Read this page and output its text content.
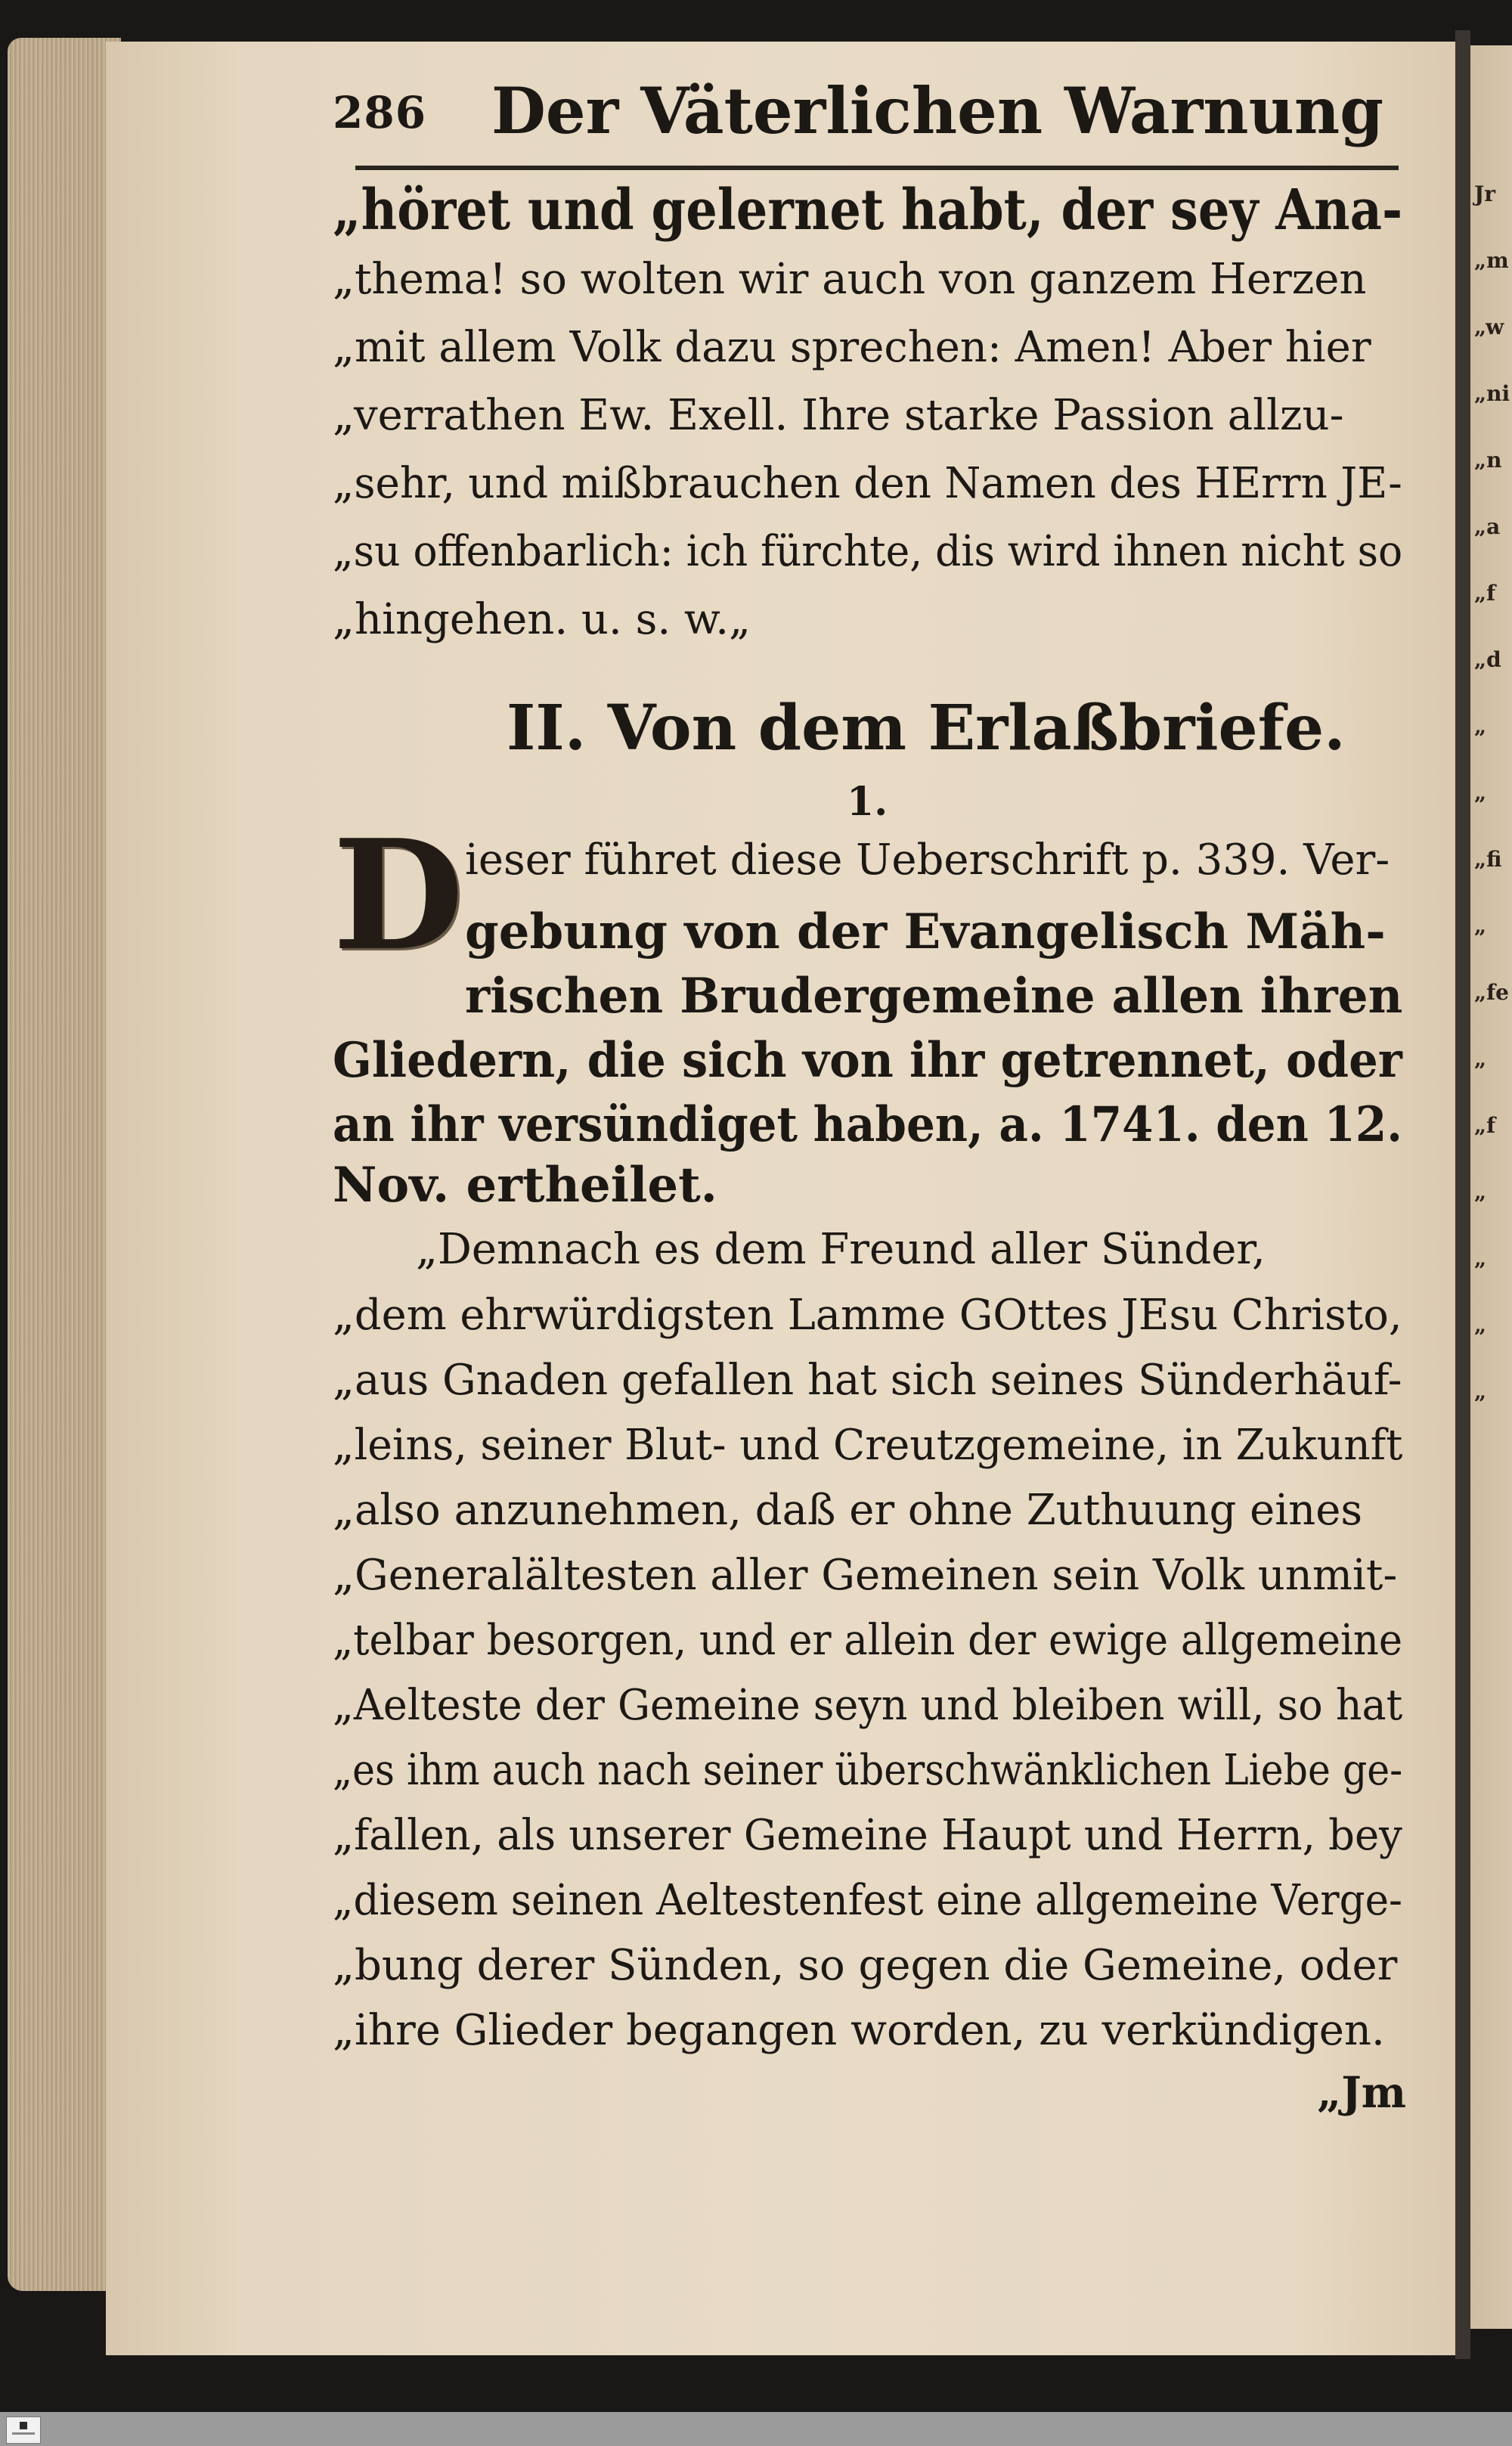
286 Der Väterlichen Warnung
„höret und gelernet habt, der sey Ana-
„thema! so wolten wir auch von ganzem Herzen
„mit allem Volk dazu sprechen: Amen! Aber hier
„verrathen Ew. Exell. Ihre starke Passion allzu-
„sehr, und mißbrauchen den Namen des HErrn JE-
„su offenbarlich: ich fürchte, dis wird ihnen nicht so
„hingehen. u. s. w.„
II. Von dem Erlaßbriefe.
1.
D ieser führet diese Ueberschrift p. 339. Ver-
gebung von der Evangelisch Mäh-
rischen Brudergemeine allen ihren
Gliedern, die sich von ihr getrennet, oder
an ihr versündiget haben, a. 1741. den 12.
Nov. ertheilet.
„Demnach es dem Freund aller Sünder,
„dem ehrwürdigsten Lamme GOttes JEsu Christo,
„aus Gnaden gefallen hat sich seines Sünderhäuf-
„leins, seiner Blut- und Creutzgemeine, in Zukunft
„also anzunehmen, daß er ohne Zuthuung eines
„Generalältesten aller Gemeinen sein Volk unmit-
„telbar besorgen, und er allein der ewige allgemeine
„Aelteste der Gemeine seyn und bleiben will, so hat
„es ihm auch nach seiner überschwänklichen Liebe ge-
„fallen, als unserer Gemeine Haupt und Herrn, bey
„diesem seinen Aeltestenfest eine allgemeine Verge-
„bung derer Sünden, so gegen die Gemeine, oder
„ihre Glieder begangen worden, zu verkündigen.
„Jm
Jr
„m
„w
„ni
„n
„a
„f
„d
„
„
„fi
„
„fe
„
„f
„
„
„
„
